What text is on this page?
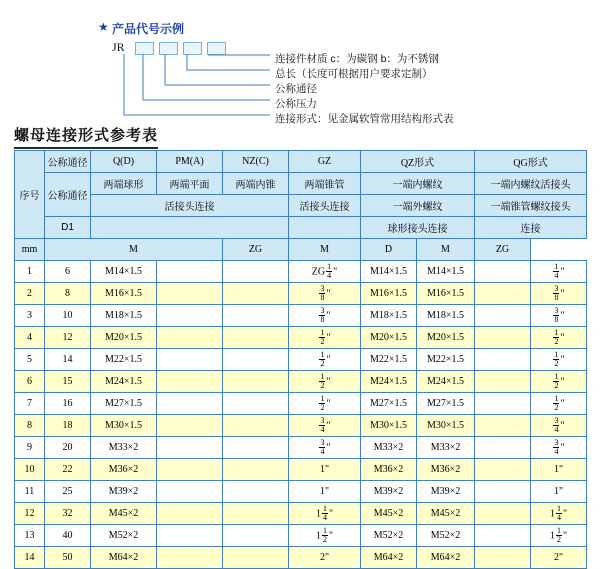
★ 产品代号示例
JR
连接件材质 c：为碳钢 b：为不锈钢
总长（长度可根据用户要求定制）
公称通径
公称压力
连接形式：见金属软管常用结构形式表
螺母连接形式参考表
序号	公称通径	Q(D)	PM(A)	NZ(C)	GZ	QZ形式		QG形式	
	公称通径	两端球形	两端平面	两端内锥	两端锥管	一端内螺纹		一端内螺纹活接头	
		活接头连接			活接头连接	一端外螺纹		一端锥管螺纹接头	
	D1					球形接头连接		连接	
mm	M			ZG	M	D	M	ZG	
1	6	M14×1.5			ZG $\frac{1}{4}$ "	M14×1.5	M14×1.5		$\frac{1}{4}$ "
2	8	M16×1.5			$\frac{3}{8}$ "	M16×1.5	M16×1.5		$\frac{3}{8}$ "
3	10	M18×1.5			$\frac{3}{8}$ "	M18×1.5	M18×1.5		$\frac{3}{8}$ "
4	12	M20×1.5			$\frac{1}{2}$ "	M20×1.5	M20×1.5		$\frac{1}{2}$ "
5	14	M22×1.5			$\frac{1}{2}$ "	M22×1.5	M22×1.5		$\frac{1}{2}$ "
6	15	M24×1.5			$\frac{1}{2}$ "	M24×1.5	M24×1.5		$\frac{1}{2}$ "
7	16	M27×1.5			$\frac{1}{2}$ "	M27×1.5	M27×1.5		$\frac{1}{2}$ "
8	18	M30×1.5			$\frac{3}{4}$ "	M30×1.5	M30×1.5		$\frac{3}{4}$ "
9	20	M33×2			$\frac{3}{4}$ "	M33×2	M33×2		$\frac{3}{4}$ "
10	22	M36×2			1"	M36×2	M36×2		1"
11	25	M39×2			1"	M39×2	M39×2		1"
12	32	M45×2			$1 \frac{1}{4}$ "	M45×2	M45×2		$1 \frac{1}{4}$ "
13	40	M52×2			$1 \frac{1}{2}$ "	M52×2	M52×2		$1 \frac{1}{2}$ "
14	50	M64×2			2"	M64×2	M64×2		2"
